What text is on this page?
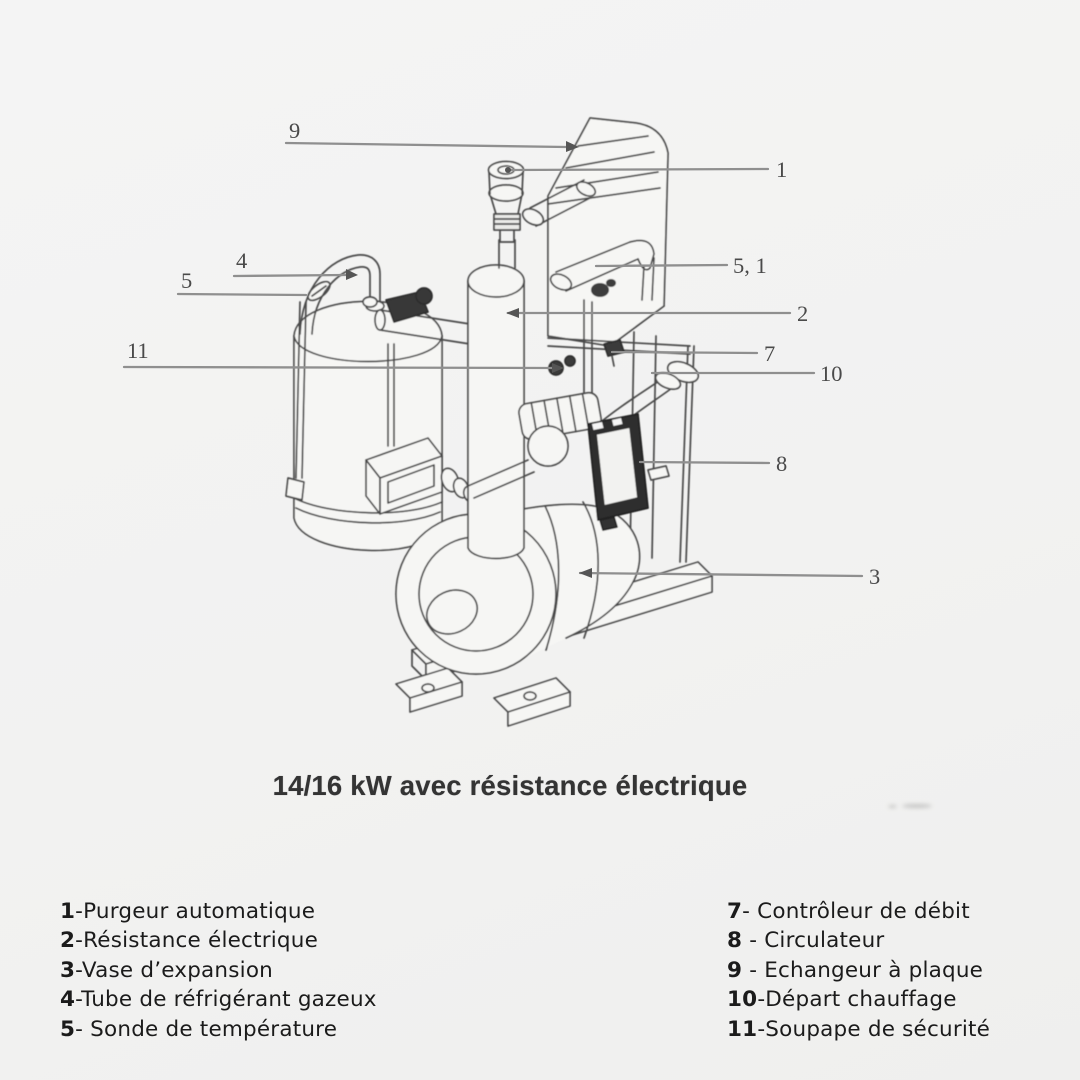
9
1
4
5
5, 1
2
11	7
10
8
3
14/16 kW avec résistance électrique
1-Purgeur automatique
2-Résistance électrique
3-Vase d’expansion
4-Tube de réfrigérant gazeux
5- Sonde de température
7- Contrôleur de débit
8 - Circulateur
9 - Echangeur à plaque
10-Départ chauffage
11-Soupape de sécurité
